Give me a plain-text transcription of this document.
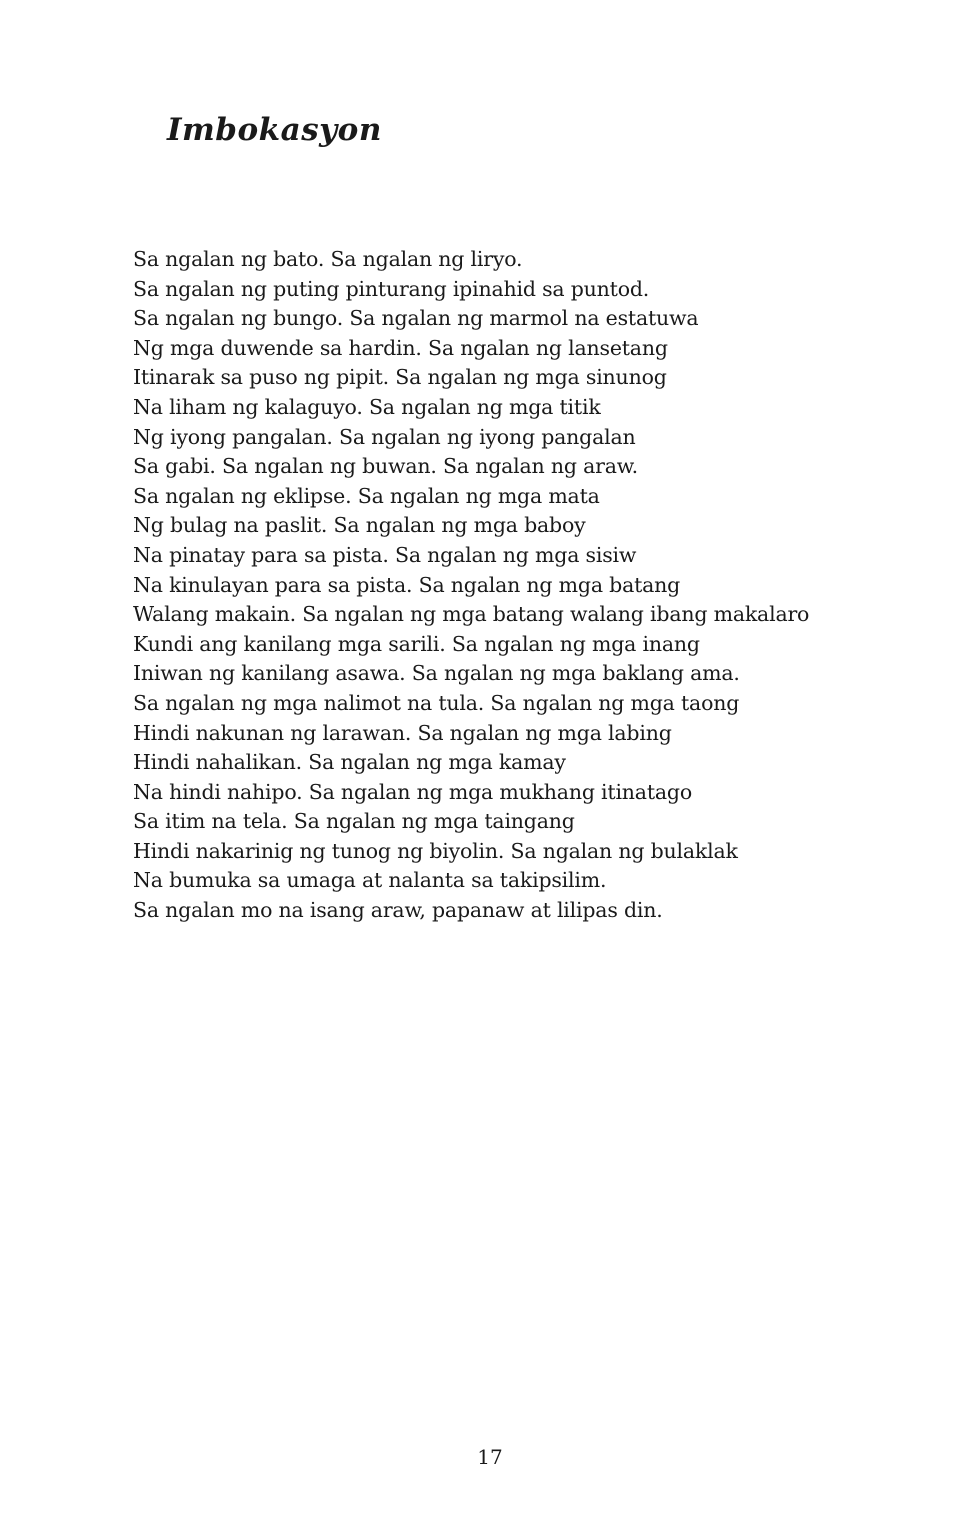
Imbokasyon
Sa ngalan ng bato. Sa ngalan ng liryo.
Sa ngalan ng puting pinturang ipinahid sa puntod.
Sa ngalan ng bungo. Sa ngalan ng marmol na estatuwa
Ng mga duwende sa hardin. Sa ngalan ng lansetang
Itinarak sa puso ng pipit. Sa ngalan ng mga sinunog
Na liham ng kalaguyo. Sa ngalan ng mga titik
Ng iyong pangalan. Sa ngalan ng iyong pangalan
Sa gabi. Sa ngalan ng buwan. Sa ngalan ng araw.
Sa ngalan ng eklipse. Sa ngalan ng mga mata
Ng bulag na paslit. Sa ngalan ng mga baboy
Na pinatay para sa pista. Sa ngalan ng mga sisiw
Na kinulayan para sa pista. Sa ngalan ng mga batang
Walang makain. Sa ngalan ng mga batang walang ibang makalaro
Kundi ang kanilang mga sarili. Sa ngalan ng mga inang
Iniwan ng kanilang asawa. Sa ngalan ng mga baklang ama.
Sa ngalan ng mga nalimot na tula. Sa ngalan ng mga taong
Hindi nakunan ng larawan. Sa ngalan ng mga labing
Hindi nahalikan. Sa ngalan ng mga kamay
Na hindi nahipo. Sa ngalan ng mga mukhang itinatago
Sa itim na tela. Sa ngalan ng mga taingang
Hindi nakarinig ng tunog ng biyolin. Sa ngalan ng bulaklak
Na bumuka sa umaga at nalanta sa takipsilim.
Sa ngalan mo na isang araw, papanaw at lilipas din.
17
